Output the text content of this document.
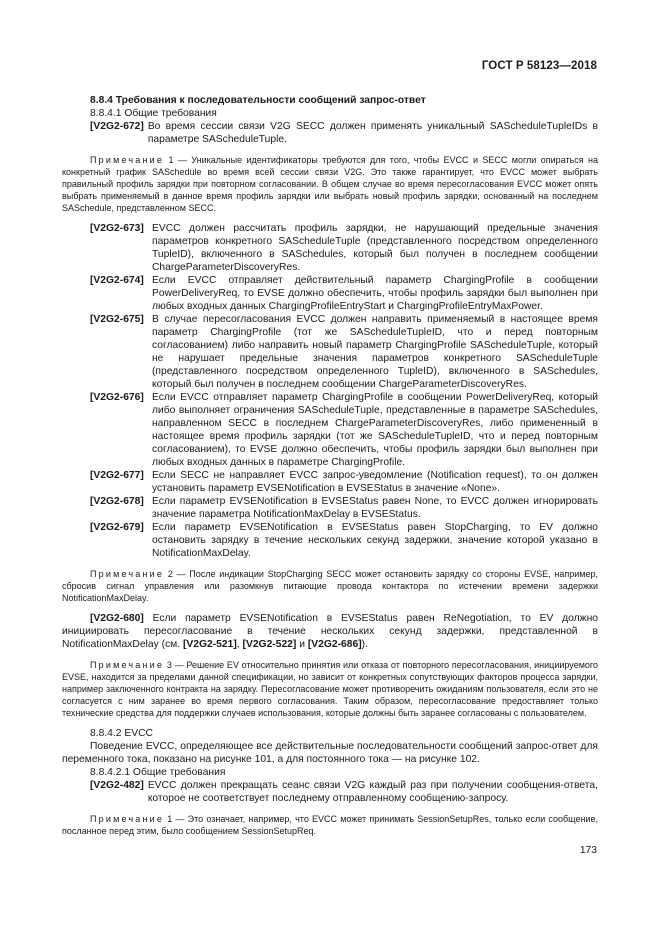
ГОСТ Р 58123—2018

8.8.4 Требования к последовательности сообщений запрос-ответ

8.8.4.1 Общие требования

[V2G2-672] Во время сессии связи V2G SECC должен применять уникальный SAScheduleTupleIDs в параметре SAScheduleTuple.

Примечание 1 — Уникальные идентификаторы требуются для того, чтобы EVCC и SECC могли опираться на конкретный график SASchedule во время всей сессии связи V2G. Это также гарантирует, что EVCC может выбрать правильный профиль зарядки при повторном согласовании. В общем случае во время пересогласования EVCC может опять выбрать применяемый в данное время профиль зарядки или выбрать новый профиль зарядки, основанный на последнем SASchedule, представленном SECC.

[V2G2-673] EVCC должен рассчитать профиль зарядки, не нарушающий предельные значения параметров конкретного SAScheduleTuple (представленного посредством определенного TupleID), включенного в SASchedules, который был получен в последнем сообщении ChargeParameterDiscoveryRes.
[V2G2-674] Если EVCC отправляет действительный параметр ChargingProfile в сообщении PowerDeliveryReq, то EVSE должно обеспечить, чтобы профиль зарядки был выполнен при любых входных данных ChargingProfileEntryStart и ChargingProfileEntryMaxPower.
[V2G2-675] В случае пересогласования EVCC должен направить применяемый в настоящее время параметр ChargingProfile (тот же SAScheduleTupleID, что и перед повторным согласованием) либо направить новый параметр ChargingProfile SAScheduleTuple, который не нарушает предельные значения параметров конкретного SAScheduleTuple (представленного посредством определенного TupleID), включенного в SASchedules, который был получен в последнем сообщении ChargeParameterDiscoveryRes.
[V2G2-676] Если EVCC отправляет параметр ChargingProfile в сообщении PowerDeliveryReq, который либо выполняет ограничения SAScheduleTuple, представленные в параметре SASchedules, направленном SECC в последнем ChargeParameterDiscoveryRes, либо примененный в настоящее время профиль зарядки (тот же SAScheduleTupleID, что и перед повторным согласованием), то EVSE должно обеспечить, чтобы профиль зарядки был выполнен при любых входных данных в параметре ChargingProfile.
[V2G2-677] Если SECC не направляет EVCC запрос-уведомление (Notification request), то он должен установить параметр EVSENotification в EVSEStatus в значение «None».
[V2G2-678] Если параметр EVSENotification в EVSEStatus равен None, то EVCC должен игнорировать значение параметра NotificationMaxDelay в EVSEStatus.
[V2G2-679] Если параметр EVSENotification в EVSEStatus равен StopCharging, то EV должно остановить зарядку в течение нескольких секунд задержки, значение которой указано в NotificationMaxDelay.

Примечание 2 — После индикации StopCharging SECC может остановить зарядку со стороны EVSE, например, сбросив сигнал управления или разомкнув питающие провода контактора по истечении времени задержки NotificationMaxDelay.

[V2G2-680] Если параметр EVSENotification в EVSEStatus равен ReNegotiation, то EV должно инициировать пересогласование в течение нескольких секунд задержки, представленной в NotificationMaxDelay (см. [V2G2-521], [V2G2-522] и [V2G2-686]).

Примечание 3 — Решение EV относительно принятия или отказа от повторного пересогласования, инициируемого EVSE, находится за пределами данной спецификации, но зависит от конкретных сопутствующих факторов процесса зарядки, например заключенного контракта на зарядку. Пересогласование может противоречить ожиданиям пользователя, если это не согласуется с ним заранее во время первого согласования. Таким образом, пересогласование предоставляет только технические средства для поддержки случаев использования, которые должны быть заранее согласованы с пользователем.

8.8.4.2 EVCC

Поведение EVCC, определяющее все действительные последовательности сообщений запрос-ответ для переменного тока, показано на рисунке 101, а для постоянного тока — на рисунке 102.

8.8.4.2.1 Общие требования

[V2G2-482] EVCC должен прекращать сеанс связи V2G каждый раз при получении сообщения-ответа, которое не соответствует последнему отправленному сообщению-запросу.

Примечание 1 — Это означает, например, что EVCC может принимать SessionSetupRes, только если сообщение, посланное перед этим, было сообщением SessionSetupReq.

173
